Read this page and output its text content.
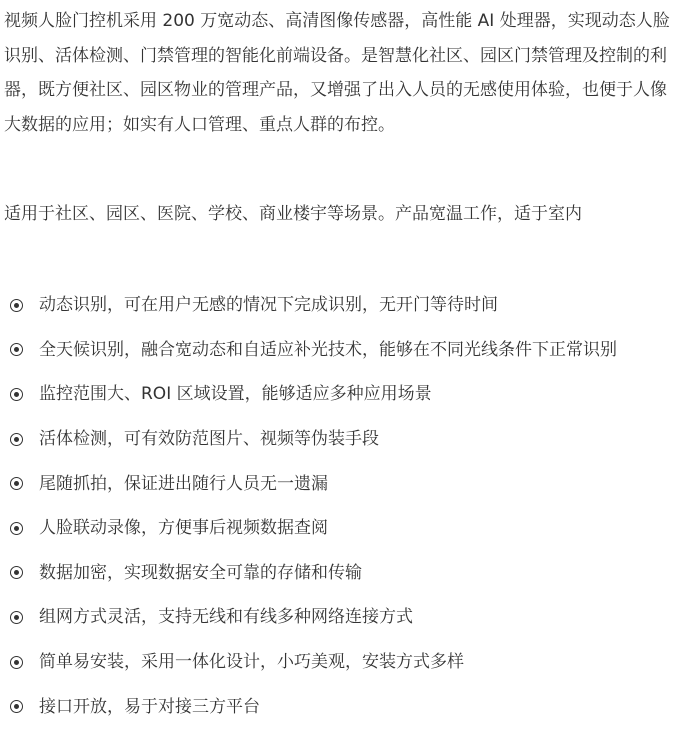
视频人脸门控机采用 200 万宽动态、高清图像传感器，高性能 AI 处理器，实现动态人脸识别、活体检测、门禁管理的智能化前端设备。是智慧化社区、园区门禁管理及控制的利器，既方便社区、园区物业的管理产品，又增强了出入人员的无感使用体验，也便于人像大数据的应用；如实有人口管理、重点人群的布控。

适用于社区、园区、医院、学校、商业楼宇等场景。产品宽温工作，适于室内

动态识别，可在用户无感的情况下完成识别，无开门等待时间
全天候识别，融合宽动态和自适应补光技术，能够在不同光线条件下正常识别
监控范围大、ROI 区域设置，能够适应多种应用场景
活体检测，可有效防范图片、视频等伪装手段
尾随抓拍，保证进出随行人员无一遗漏
人脸联动录像，方便事后视频数据查阅
数据加密，实现数据安全可靠的存储和传输
组网方式灵活，支持无线和有线多种网络连接方式
简单易安装，采用一体化设计，小巧美观，安装方式多样
接口开放，易于对接三方平台
